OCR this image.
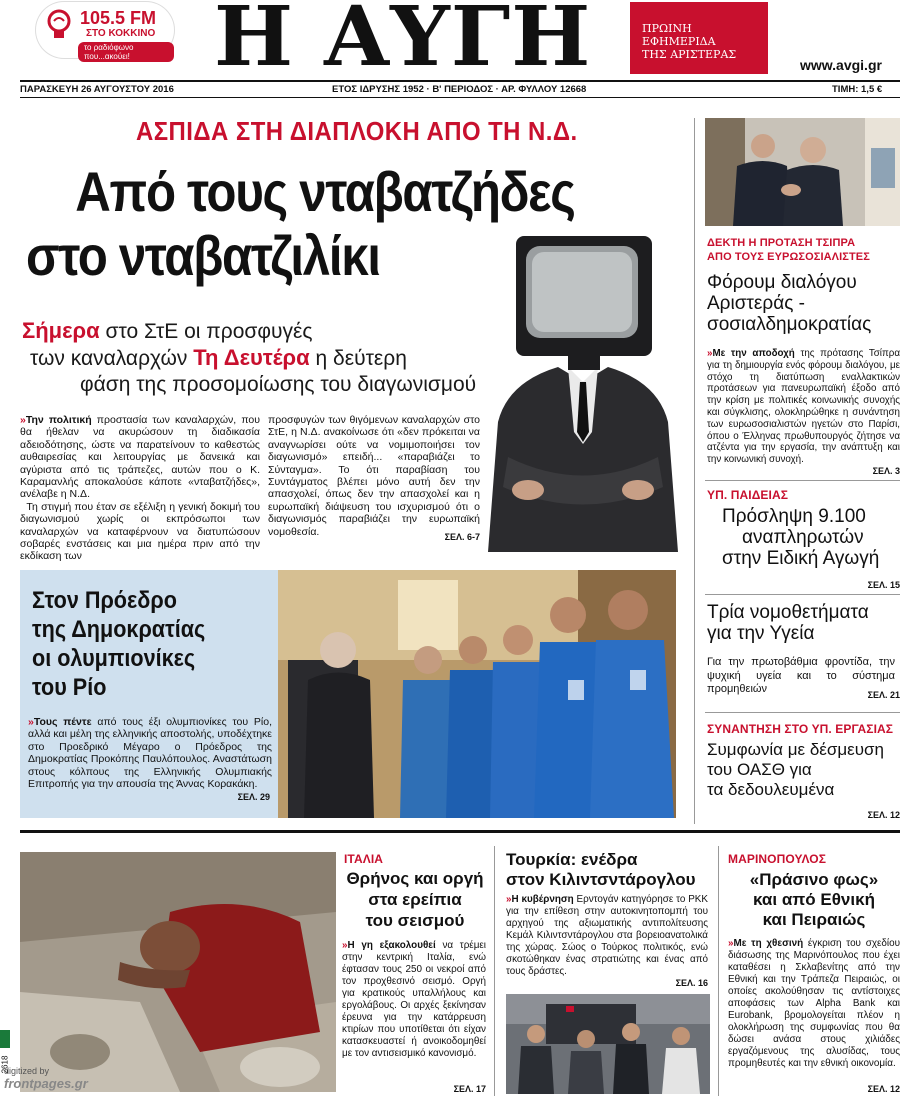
105.5 FM
ΣΤΟ ΚΟΚΚΙΝΟ
το ραδιόφωνο που...ακούει!	Η ΑΥΓΗ	ΠΡΩΙΝΗ
ΕΦΗΜΕΡΙΔΑ
ΤΗΣ ΑΡΙΣΤΕΡΑΣ
www.avgi.gr
ΠΑΡΑΣΚΕΥΗ 26 ΑΥΓΟΥΣΤΟΥ 2016	ΕΤΟΣ ΙΔΡΥΣΗΣ 1952 · Β' ΠΕΡΙΟΔΟΣ · ΑΡ. ΦΥΛΛΟΥ 12668	ΤΙΜΗ: 1,5 €
ΑΣΠΙΔΑ ΣΤΗ ΔΙΑΠΛΟΚΗ ΑΠΟ ΤΗ Ν.Δ.
Από τους νταβατζήδες
στο νταβατζιλίκι
Σήμερα στο ΣτΕ οι προσφυγές
των καναλαρχών Τη Δευτέρα η δεύτερη
φάση της προσομοίωσης του διαγωνισμού

»Την πολιτική προστασία των καναλαρχών, που θα ήθελαν να ακυρώσουν τη διαδικασία αδειοδότησης, ώστε να παρατείνουν το καθεστώς αυθαιρεσίας και λειτουργίας με δανεικά και αγύριστα από τις τράπεζες, αυτών που ο Κ. Καραμανλής αποκαλούσε κάποτε «νταβατζήδες», ανέλαβε η Ν.Δ.
Τη στιγμή που έταν σε εξέλιξη η γενική δοκιμή του διαγωνισμού χωρίς οι εκπρόσωποι των καναλαρχών να καταφέρνουν να διατυπώσουν σοβαρές ενστάσεις και μια ημέρα πριν από την εκδίκαση των

προσφυγών των θιγόμενων καναλαρχών στο ΣτΕ, η Ν.Δ. ανακοίνωσε ότι «δεν πρόκειται να αναγνωρίσει ούτε να νομιμοποιήσει τον διαγωνισμό» επειδή... «παραβιάζει το Σύνταγμα». Το ότι παραβίαση του Συντάγματος βλέπει μόνο αυτή δεν την απασχολεί, όπως δεν την απασχολεί και η ευρωπαϊκή διάψευση του ισχυρισμού ότι ο διαγωνισμός παραβιάζει την ευρωπαϊκή νομοθεσία.	ΣΕΛ. 6-7
Στον Πρόεδρο
της Δημοκρατίας
οι ολυμπιονίκες
του Ρίο

»Τους πέντε από τους έξι ολυμπιονίκες του Ρίο, αλλά και μέλη της ελληνικής αποστολής, υποδέχτηκε στο Προεδρικό Μέγαρο ο Πρόεδρος της Δημοκρατίας Προκόπης Παυλόπουλος. Αναστάτωση στους κόλπους της Ελληνικής Ολυμπιακής Επιτροπής για την απουσία της Άννας Κορακάκη.

ΣΕΛ. 29
ΔΕΚΤΗ Η ΠΡΟΤΑΣΗ ΤΣΙΠΡΑ
ΑΠΟ ΤΟΥΣ ΕΥΡΩΣΟΣΙΑΛΙΣΤΕΣ
Φόρουμ διαλόγου
Αριστεράς -
σοσιαλδημοκρατίας

»Με την αποδοχή της πρότασης Τσίπρα για τη δημιουργία ενός φόρουμ διαλόγου, με στόχο τη διατύπωση εναλλακτικών προτάσεων για πανευρωπαϊκή έξοδο από την κρίση με πολιτικές κοινωνικής συνοχής και σύγκλισης, ολοκληρώθηκε η συνάντηση των ευρωσοσιαλιστών ηγετών στο Παρίσι, όπου ο Έλληνας πρωθυπουργός ζήτησε να ατζέντα για την εργασία, την ανάπτυξη και την κοινωνική συνοχή.

ΣΕΛ. 3
ΥΠ. ΠΑΙΔΕΙΑΣ
Πρόσληψη 9.100
αναπληρωτών
στην Ειδική Αγωγή
ΣΕΛ. 15
Τρία νομοθετήματα
για την Υγεία

Για την πρωτοβάθμια φροντίδα, την ψυχική υγεία και το σύστημα προμηθειών	ΣΕΛ. 21
ΣΥΝΑΝΤΗΣΗ ΣΤΟ ΥΠ. ΕΡΓΑΣΙΑΣ
Συμφωνία με δέσμευση
του ΟΑΣΘ για
τα δεδουλευμένα
ΣΕΛ. 12
ΙΤΑΛΙΑ
Θρήνος και οργή
στα ερείπια
του σεισμού

»Η γη εξακολουθεί να τρέμει στην κεντρική Ιταλία, ενώ έφτασαν τους 250 οι νεκροί από τον προχθεσινό σεισμό. Οργή για κρατικούς υπαλλήλους και εργολάβους. Οι αρχές ξεκίνησαν έρευνα για την κατάρρευση κτιρίων που υποτίθεται ότι είχαν κατασκευαστεί ή ανοικοδομηθεί με τον αντισεισμικό κανονισμό.

ΣΕΛ. 17
Τουρκία: ενέδρα
στον Κιλιντσντάρογλου

»Η κυβέρνηση Ερντογάν κατηγόρησε το PKK για την επίθεση στην αυτοκινητοπομπή του αρχηγού της αξιωματικής αντιπολίτευσης Κεμάλ Κιλιντσντάρογλου στα βορειοανατολικά της χώρας. Σώος ο Τούρκος πολιτικός, ενώ σκοτώθηκαν ένας στρατιώτης και ένας από τους δράστες.

ΣΕΛ. 16
ΜΑΡΙΝΟΠΟΥΛΟΣ
«Πράσινο φως»
και από Εθνική
και Πειραιώς

»Με τη χθεσινή έγκριση του σχεδίου διάσωσης της Μαρινόπουλος που έχει καταθέσει η Σκλαβενίτης από την Εθνική και την Τράπεζα Πειραιώς, οι οποίες ακολούθησαν τις αντίστοιχες αποφάσεις των Alpha Bank και Eurobank, βρομολογείται πλέον η ολοκλήρωση της συμφωνίας που θα δώσει ανάσα στους χιλιάδες εργαζόμενους της αλυσίδας, τους προμηθευτές και την εθνική οικονομία.

ΣΕΛ. 12
2618
digitized by
frontpages.gr
